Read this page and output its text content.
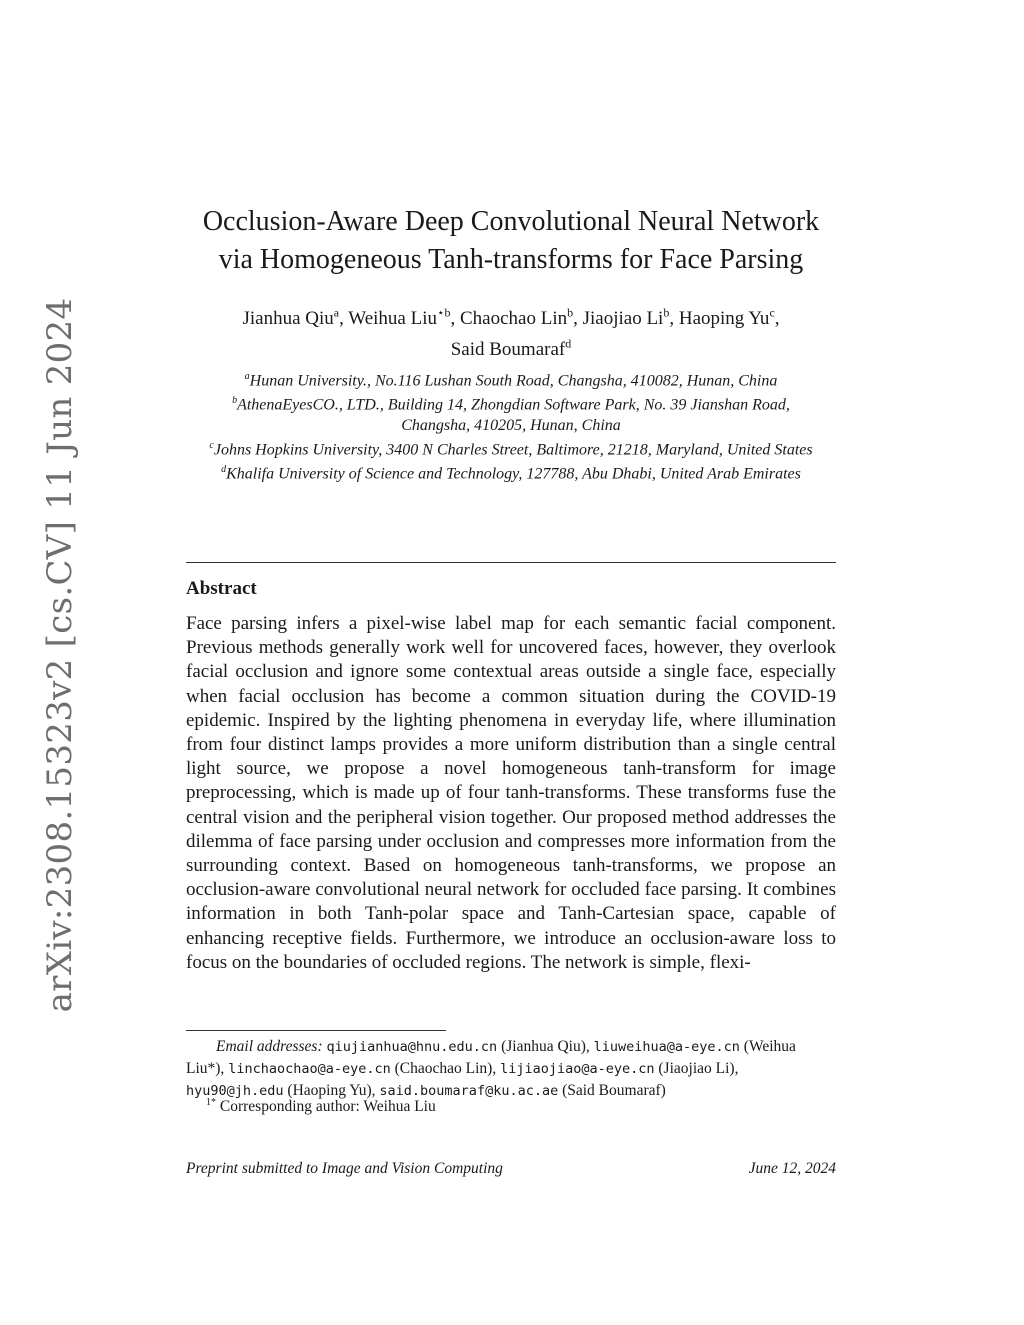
arXiv:2308.15323v2 [cs.CV] 11 Jun 2024
Occlusion-Aware Deep Convolutional Neural Network
via Homogeneous Tanh-transforms for Face Parsing
Jianhua Qiu$^a$, Weihua Liu$^{⋆b}$, Chaochao Lin$^b$, Jiaojiao Li$^b$, Haoping Yu$^c$,
Said Boumaraf$^d$

$^a$Hunan University., No.116 Lushan South Road, Changsha, 410082, Hunan, China

$^b$AthenaEyesCO., LTD., Building 14, Zhongdian Software Park, No. 39 Jianshan Road, Changsha, 410205, Hunan, China

$^c$Johns Hopkins University, 3400 N Charles Street, Baltimore, 21218, Maryland, United States

$^d$Khalifa University of Science and Technology, 127788, Abu Dhabi, United Arab Emirates

Abstract

Face parsing infers a pixel-wise label map for each semantic facial component. Previous methods generally work well for uncovered faces, however, they overlook facial occlusion and ignore some contextual areas outside a single face, especially when facial occlusion has become a common situation during the COVID-19 epidemic. Inspired by the lighting phenomena in everyday life, where illumination from four distinct lamps provides a more uniform distribution than a single central light source, we propose a novel homogeneous tanh-transform for image preprocessing, which is made up of four tanh-transforms. These transforms fuse the central vision and the peripheral vision together. Our proposed method addresses the dilemma of face parsing under occlusion and compresses more information from the surrounding context. Based on homogeneous tanh-transforms, we propose an occlusion-aware convolutional neural network for occluded face parsing. It combines information in both Tanh-polar space and Tanh-Cartesian space, capable of enhancing receptive fields. Furthermore, we introduce an occlusion-aware loss to focus on the boundaries of occluded regions. The network is simple, flexi-

Email addresses: qiujianhua@hnu.edu.cn (Jianhua Qiu), liuweihua@a-eye.cn (Weihua Liu*), linchaochao@a-eye.cn (Chaochao Lin), lijiaojiao@a-eye.cn (Jiaojiao Li), hyu90@jh.edu (Haoping Yu), said.boumaraf@ku.ac.ae (Said Boumaraf)

$^{1*}$ Corresponding author: Weihua Liu
Preprint submitted to Image and Vision Computing	June 12, 2024
